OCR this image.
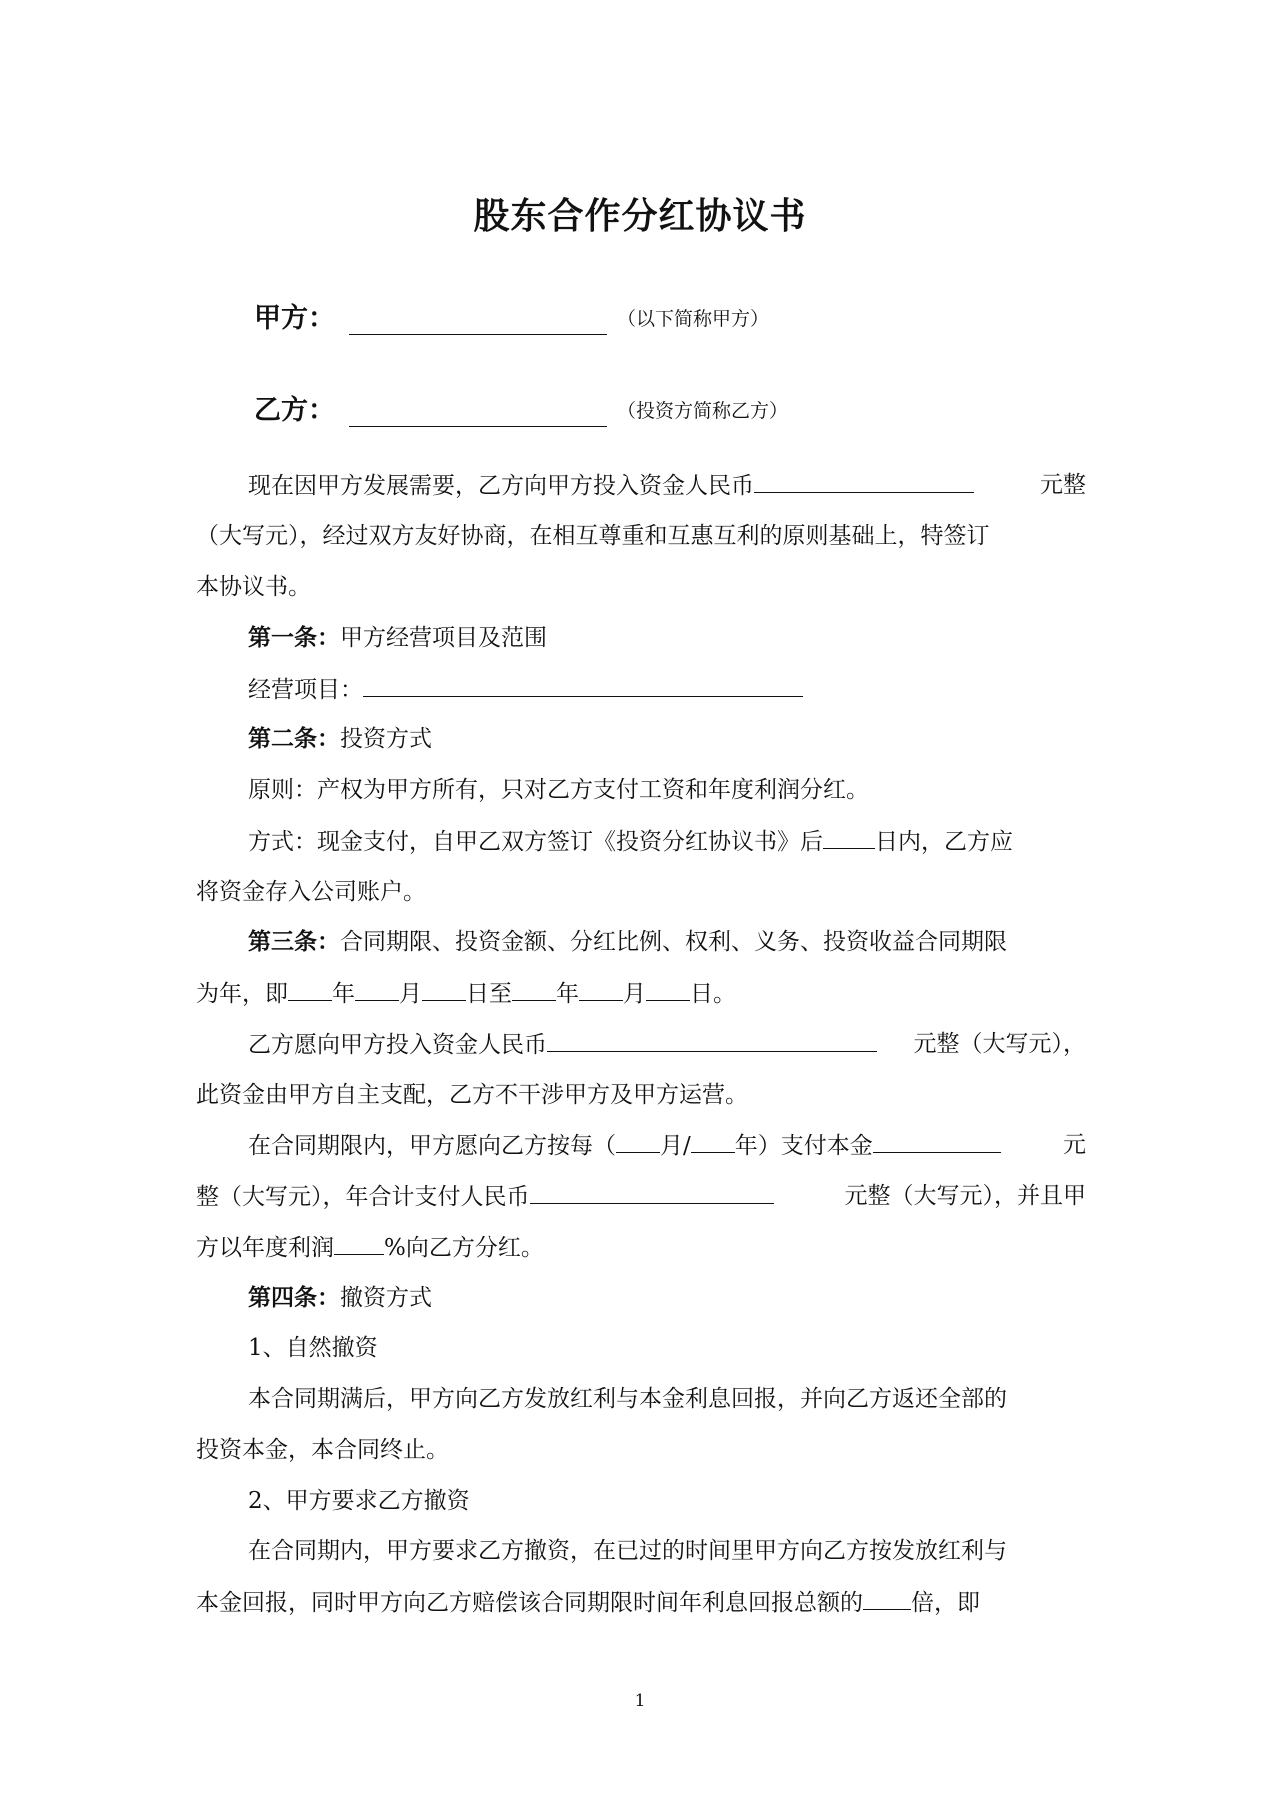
股东合作分红协议书
甲方：	（以下简称甲方）
乙方：	（投资方简称乙方）
现在因甲方发展需要，乙方向甲方投入资金人民币	元整
（大写元），经过双方友好协商，在相互尊重和互惠互利的原则基础上，特签订
本协议书。
第一条：甲方经营项目及范围
经营项目：
第二条：投资方式
原则：产权为甲方所有，只对乙方支付工资和年度利润分红。
方式：现金支付，自甲乙双方签订《投资分红协议书》后 日内，乙方应
将资金存入公司账户。
第三条：合同期限、投资金额、分红比例、权利、义务、投资收益合同期限
为年，即 年 月 日至 年 月 日。
乙方愿向甲方投入资金人民币	元整（大写元），
此资金由甲方自主支配，乙方不干涉甲方及甲方运营。
在合同期限内，甲方愿向乙方按每（ 月/ 年）支付本金	元
整（大写元），年合计支付人民币	元整（大写元），并且甲
方以年度利润 %向乙方分红。
第四条：撤资方式
1、自然撤资
本合同期满后，甲方向乙方发放红利与本金利息回报，并向乙方返还全部的
投资本金，本合同终止。
2、甲方要求乙方撤资
在合同期内，甲方要求乙方撤资，在已过的时间里甲方向乙方按发放红利与
本金回报，同时甲方向乙方赔偿该合同期限时间年利息回报总额的 倍，即
1
